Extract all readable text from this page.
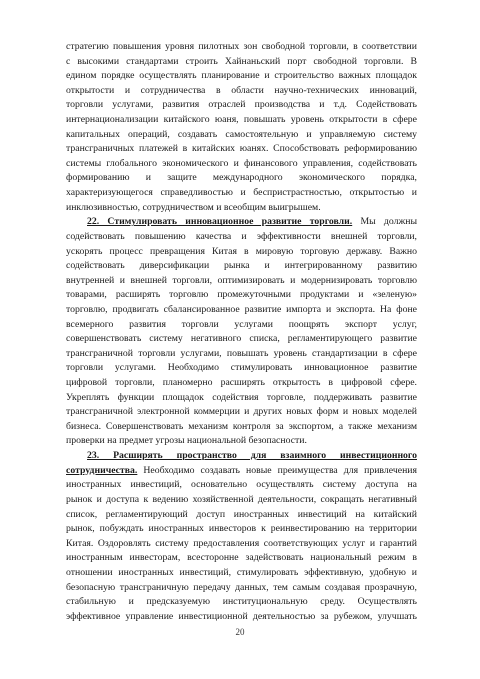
стратегию повышения уровня пилотных зон свободной торговли, в соответствии
с высокими стандартами строить Хайнаньский порт свободной торговли. В
едином порядке осуществлять планирование и строительство важных площадок
открытости и сотрудничества в области научно-технических инноваций,
торговли услугами, развития отраслей производства и т.д. Содействовать
интернационализации китайского юаня, повышать уровень открытости в сфере
капитальных операций, создавать самостоятельную и управляемую систему
трансграничных платежей в китайских юанях. Способствовать реформированию
системы глобального экономического и финансового управления, содействовать
формированию и защите международного экономического порядка,
характеризующегося справедливостью и беспристрастностью, открытостью и
инклюзивностью, сотрудничеством и всеобщим выигрышем.
22. Стимулировать инновационное развитие торговли. Мы должны
содействовать повышению качества и эффективности внешней торговли,
ускорять процесс превращения Китая в мировую торговую державу. Важно
содействовать диверсификации рынка и интегрированному развитию
внутренней и внешней торговли, оптимизировать и модернизировать торговлю
товарами, расширять торговлю промежуточными продуктами и «зеленую»
торговлю, продвигать сбалансированное развитие импорта и экспорта. На фоне
всемерного развития торговли услугами поощрять экспорт услуг,
совершенствовать систему негативного списка, регламентирующего развитие
трансграничной торговли услугами, повышать уровень стандартизации в сфере
торговли услугами. Необходимо стимулировать инновационное развитие
цифровой торговли, планомерно расширять открытость в цифровой сфере.
Укреплять функции площадок содействия торговле, поддерживать развитие
трансграничной электронной коммерции и других новых форм и новых моделей
бизнеса. Совершенствовать механизм контроля за экспортом, а также механизм
проверки на предмет угрозы национальной безопасности.
23. Расширять пространство для взаимного инвестиционного
сотрудничества. Необходимо создавать новые преимущества для привлечения
иностранных инвестиций, основательно осуществлять систему доступа на
рынок и доступа к ведению хозяйственной деятельности, сокращать негативный
список, регламентирующий доступ иностранных инвестиций на китайский
рынок, побуждать иностранных инвесторов к реинвестированию на территории
Китая. Оздоровлять систему предоставления соответствующих услуг и гарантий
иностранным инвесторам, всесторонне задействовать национальный режим в
отношении иностранных инвестиций, стимулировать эффективную, удобную и
безопасную трансграничную передачу данных, тем самым создавая прозрачную,
стабильную и предсказуемую институциональную среду. Осуществлять
эффективное управление инвестиционной деятельностью за рубежом, улучшать
20
